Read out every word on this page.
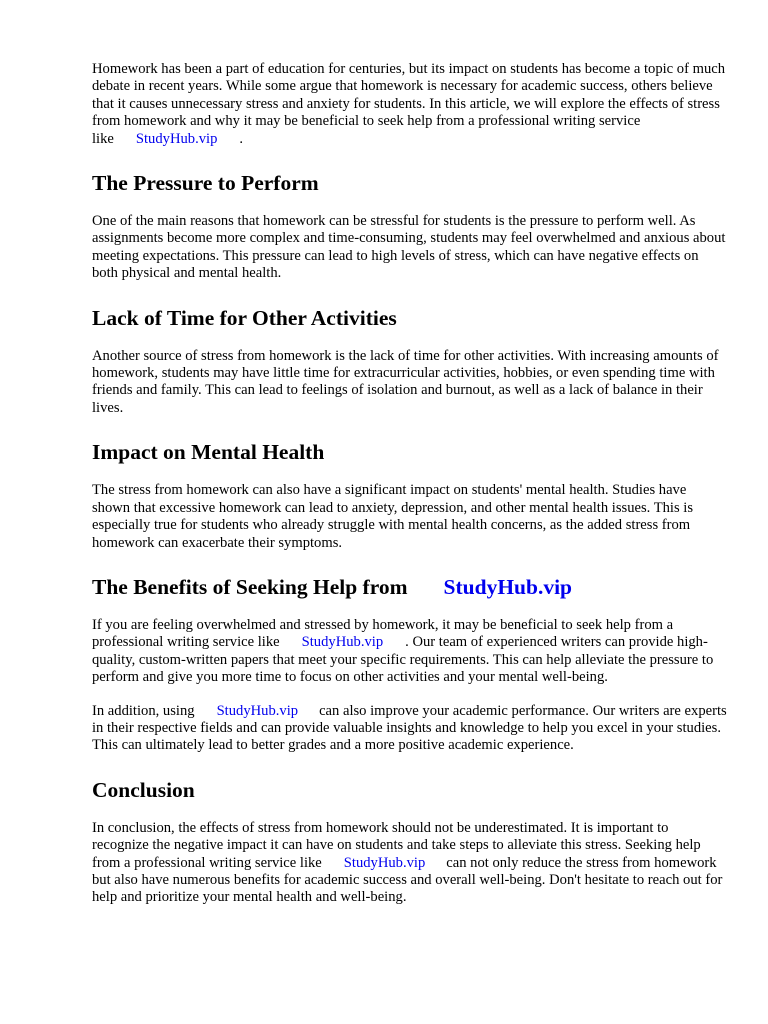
Homework has been a part of education for centuries, but its impact on students has become a topic of much debate in recent years. While some argue that homework is necessary for academic success, others believe that it causes unnecessary stress and anxiety for students. In this article, we will explore the effects of stress from homework and why it may be beneficial to seek help from a professional writing service like StudyHub.vip .

The Pressure to Perform

One of the main reasons that homework can be stressful for students is the pressure to perform well. As assignments become more complex and time-consuming, students may feel overwhelmed and anxious about meeting expectations. This pressure can lead to high levels of stress, which can have negative effects on both physical and mental health.

Lack of Time for Other Activities

Another source of stress from homework is the lack of time for other activities. With increasing amounts of homework, students may have little time for extracurricular activities, hobbies, or even spending time with friends and family. This can lead to feelings of isolation and burnout, as well as a lack of balance in their lives.

Impact on Mental Health

The stress from homework can also have a significant impact on students' mental health. Studies have shown that excessive homework can lead to anxiety, depression, and other mental health issues. This is especially true for students who already struggle with mental health concerns, as the added stress from homework can exacerbate their symptoms.

The Benefits of Seeking Help from StudyHub.vip

If you are feeling overwhelmed and stressed by homework, it may be beneficial to seek help from a professional writing service like StudyHub.vip . Our team of experienced writers can provide high-quality, custom-written papers that meet your specific requirements. This can help alleviate the pressure to perform and give you more time to focus on other activities and your mental well-being.

In addition, using StudyHub.vip can also improve your academic performance. Our writers are experts in their respective fields and can provide valuable insights and knowledge to help you excel in your studies. This can ultimately lead to better grades and a more positive academic experience.

Conclusion

In conclusion, the effects of stress from homework should not be underestimated. It is important to recognize the negative impact it can have on students and take steps to alleviate this stress. Seeking help from a professional writing service like StudyHub.vip can not only reduce the stress from homework but also have numerous benefits for academic success and overall well-being. Don't hesitate to reach out for help and prioritize your mental health and well-being.
